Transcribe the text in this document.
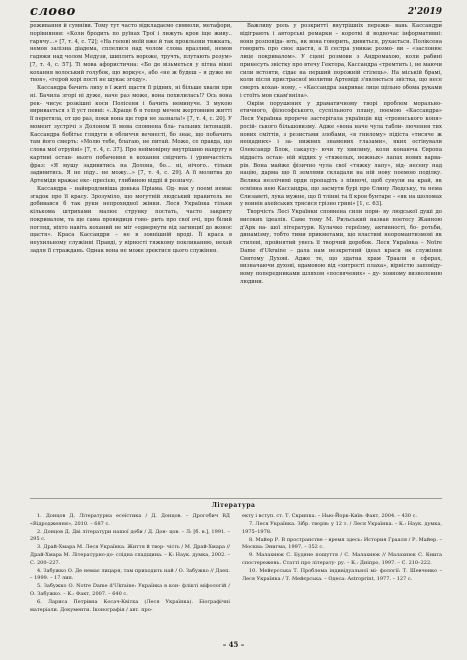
слово	2'2019

реживання й сумніви. Тому тут часто відкладаємо символи, метафори, порівняння: «Коли бродить по руїнах Трої і лижуть кров іще живу.. гарячу...» [7, т. 4, с. 72]; «На голові моїй вже й так прокльони тяжкать, немов залізна діадема, сплелися над чолом слова вразливі, немов гадюки над чолом Медузи, шиплять вороже, тручть, плутають розум» [7, т. 4, с. 57]. Ті мова афористична: «Бо де візьметься у пітна вікні кохання волоський голубок, що воркує», або «не ж будеш – я дуже не твоя», «герой корі пості не шукає згоду».

Кассандра бачить лиху в ї житі щастя її рідних, ні більше хвали при ні. Бачила згорі ні дуже, наче раз може, вона похилилась!? Ось вона рек- чисує розкішні коси Полісени і бачить неминуче. З мукою виривається з її уст певні: «..Краще б я тепер мечем жертовним житті її перетяла, от цю раз, поки вона ще горя не зазнала!» [7, т. 4, с. 20]. У момент зустрічі з Долоном її мова сповнена бла- гальних інтонацій. Кассандра бобітьє глядуги в обличчя вечнесті, бо знає, що побачить там його смерть: «Молю тебе, благаю, не питай. Може, се правда, що слова мої отруйні» [7, т. 4, с. 37]. Про неймовірну внутрішню напругу в картині остан- нього побачення в кохання свідчить і уривчастість фраз: «Я мушу задивитись на Долона, бо... ні, нічого.. тільки задивитись. Я не піду.. не можу...» [7, т. 4, с. 29]. А її молитва до Артеміди вражає екс- пресією, глибиною віддіі й розпачу.

Кассандра – найвродливіша донька Пріама. Од- нак у поемі немає згадок про її красу. Зрозуміло, що могутній людський правитель не добивався б так руки непрохидної жінки. Леся Українка тільки кількома штрихами малює струнку постать, часто закриту покривалом, та ще сама провидиця гово- рить про свої очі, про білий погляд, ніхто навіть коханий не міг «одвернути від загинциї до жонос щастя». Краса Кассандри – не в зовнішній вроді. Її краса в неухильному служінні Правді, у вірності тяжкому покликанню, нехай задля її страждань. Однак вона не може зректися цього служіння.

Важливу роль у розкритті внутрішніх пережи- вань Кассандри відіграють і авторські ремарки – короткі й водночас інформативні: вони розповіда- ють, як вона говорить, дивиться, рухається. Поліксена говорить про своє щастя, а її сестра уникає розмо- ви – «заслонює лице покривалом». У сцені розмови з Андромахою, коли рабині принесуть звістку про втечу Гектора, Кассандра «тремтить і, не маючи сили встояти, сідає на перший порожній стілець». На міській брамі, коли після пристрасної молитви Артеміді з'являється звістка, що несе смерть кохан- ному, – «Кассандра закриває лице щільно обома руками і стоїть мов скам'яніла».

Окрім порушених у драматичному творі проблем морально-етичного, філософського, суспільного плану, поемою «Кассандра» Леся Українка прорече застерігала українців від «троянського коня» росій- ського більшовизму. Адже «вона наче чула табли- лючення тих нових сміттів, з резистьми злобами, «в гнилому» підіста «тисяче ж нещадних» і за- нижних знамених глазами», яких осгівували Олександр Блок, сакаусу- ючи ту хвилину, коли конаюча Європа віддасть остан- ній віддих у «тяжелых, нежных» лапах нових варва- рів. Вона майже фізично чула свої «тяжку лапу», від- несену над націю, дарма що її землями складали на ній нову поемою поділку. Велика незлічимі орди пропадіть з півночі, щоб сунули на край, як осміяна нею Кассандра, що засмути бурі про Єлину Людську, та нема Єлизаветі, лука мужне, що її тлінні та її кров бунтаре – «як на шоломах у воинів ахейських трясися грізно гриві» [1, с. 63].

Творчість Лесі Українки сповнена сили пори- ву людської душі до високих ідеалів. Саме тому М. Рильський назвав поетесу Жанною д'Арк на- шої літератури. Кулачко героїзму, активності, бо- ротьби, динамізму, тобто тими прикметами, що властиві неоромантизмові як стилеві, пройнятий увесь її творчий доробок. Леся Українка – Notre Dame d'Ukraine – дала нам незкретний ідеал краси як служіння Святому Духові. Адже те, що здатна храм Трааля в сферах, визначаючи духові, вдамовою від «хитрості плаха», вірністю заповіду- вому попередниками шляхом «посвячених» – ду- ховному визволенню людини.

Література

1. Донцов Д. Літературна есеїстика / Д. Донцов. – Дрогобич ВД «Відродження», 2010. – 687 с.

2. Донцов Д. Дві літератури нашої доби / Д. Дон- цов. – Л: [б. в.], 1991. – 295 с.

3. Драй-Хмара М. Леся Українка. Життя й твор- чість / М. Драй-Хмара // Драй-Хмара М. Літературно-до- слідна спадщина. – К: Наук. думка, 2002. – С. 200–227.

4. Забужко О. Де немає лицаря, там приходить най / О. Забужко // Дзеп. – 1999. – 17 лип.

5. Забужко О. Notre Dame d'Ukraine: Українка в кон- флікті міфологій / О. Забужко. – К.: Факт, 2007. – 640 с.

6. Лариса Петрівна Косач-Квітка (Леся Українка). Біографічні матеріали. Документи. Іконографія / авт. про-

екту і вступ. ст. Т. Скрипка. – Нью-Йорк-Київ: Факт, 2004. – 430 с.

7. Леся Українка. Зібр. творів: у 12 т. / Леся Українка. – К.: Наук. думка, 1975–1978.

8. Майер Р. В пространстве – время здесь: История Грааля / Р. Майер. – Москва: Энигма, 1997. – 352 с.

9. Малахнюк С. Будяне пошуття / С. Малахнюк // Малахнюк С. Книга спостережень. Статті про літерату- ру. – К.: Дніпро, 1997. – С. 210–222.

10. Мейєрсська Т. Проблема індивідуальної мі- фології: Т. Шевченко – Леся Українка / Т. Мейєрська. – Одеса: Astroprint, 1977. – 127 с.

– 45 –
